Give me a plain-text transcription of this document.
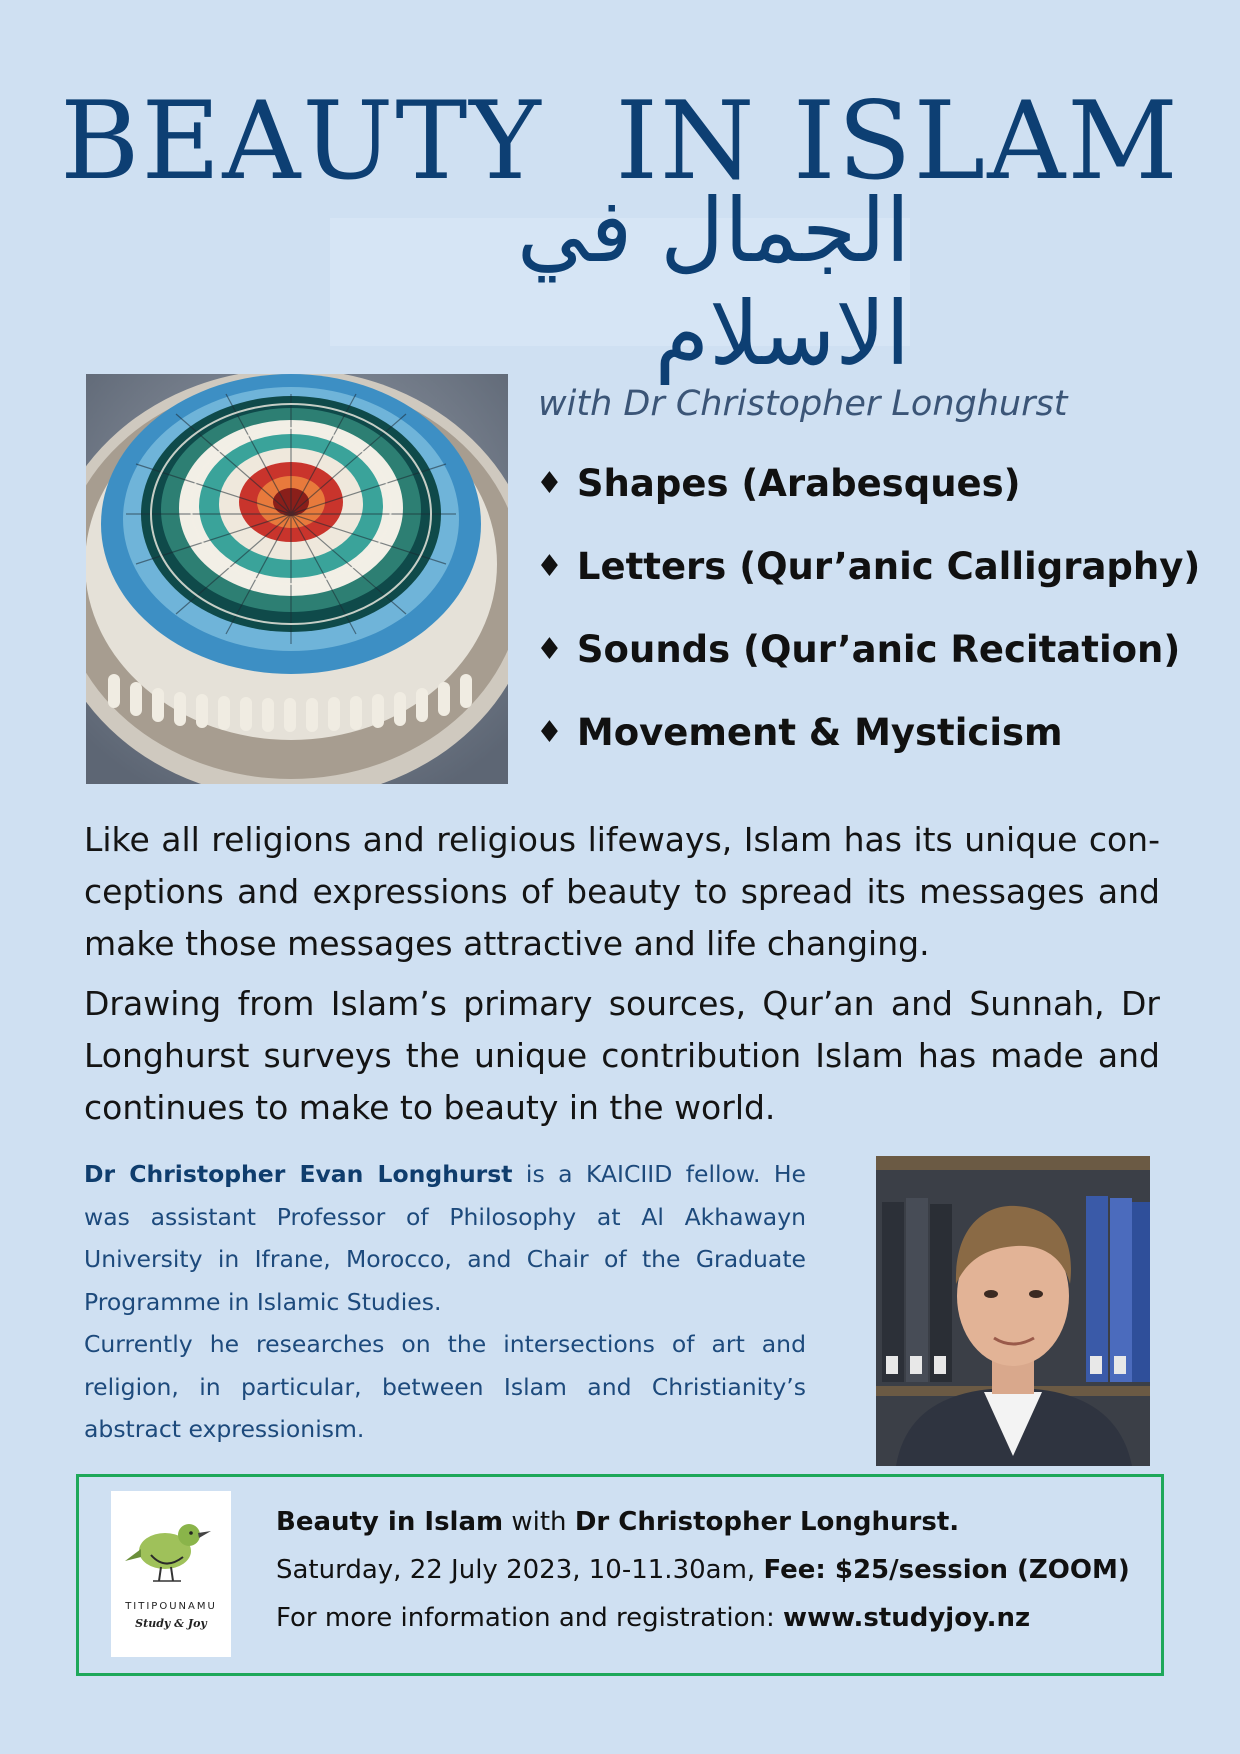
BEAUTY  IN ISLAM
الجمال في الاسلام

with Dr Christopher Longhurst

♦ Shapes (Arabesques)
♦ Letters (Qur’anic Calligraphy)
♦ Sounds (Qur’anic Recitation)
♦ Movement & Mysticism

Like all religions and religious lifeways, Islam has its unique con-ceptions and expressions of beauty to spread its messages and make those messages attractive and life changing.

Drawing from Islam’s primary sources, Qur’an and Sunnah, Dr Longhurst surveys the unique contribution Islam has made and continues to make to beauty in the world.

Dr Christopher Evan Longhurst is a KAICIID fellow. He was assistant Professor of Philosophy at Al Akhawayn University in Ifrane, Morocco, and Chair of the Graduate Programme in Islamic Studies.

Currently he researches on the intersections of art and religion, in particular, between Islam and Christianity’s abstract expressionism.

TITIPOUNAMU
Study & Joy

Beauty in Islam with Dr Christopher Longhurst.

Saturday, 22 July 2023, 10-11.30am, Fee: $25/session (ZOOM)

For more information and registration: www.studyjoy.nz
